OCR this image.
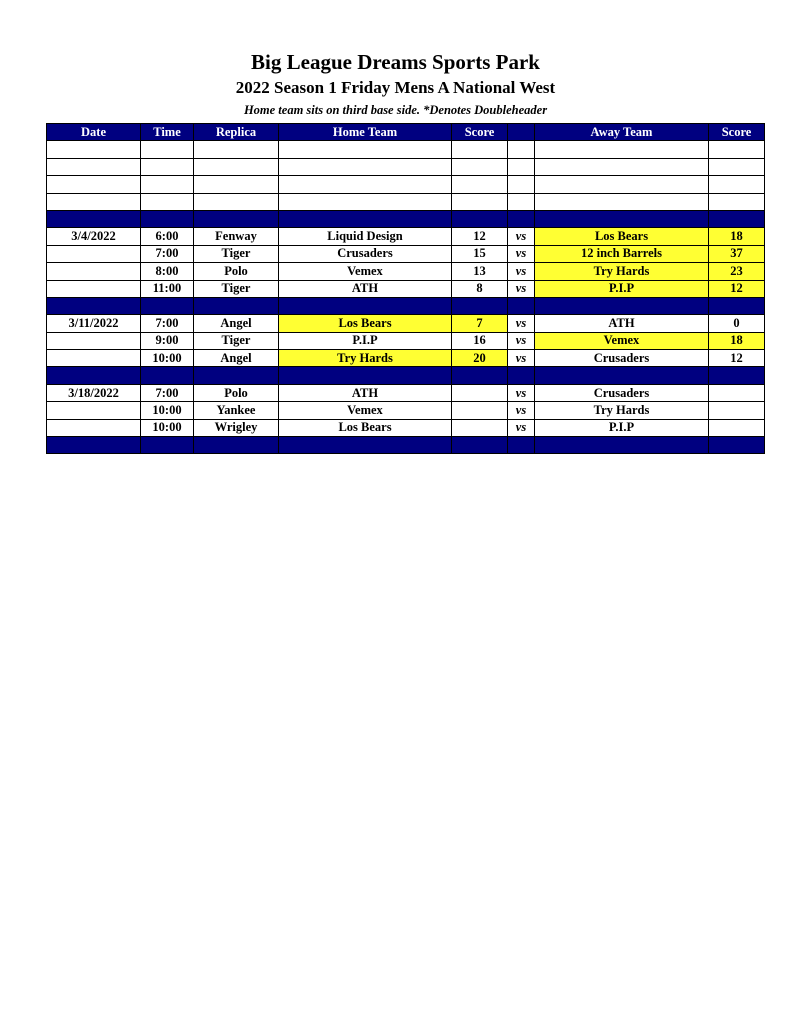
Big League Dreams Sports Park
2022 Season 1 Friday Mens A National West
Home team sits on third base side. *Denotes Doubleheader
Date	Time	Replica	Home Team	Score		Away Team	Score

3/4/2022	6:00	Fenway	Liquid Design	12	vs	Los Bears	18
	7:00	Tiger	Crusaders	15	vs	12 inch Barrels	37
	8:00	Polo	Vemex	13	vs	Try Hards	23
	11:00	Tiger	ATH	8	vs	P.I.P	12

3/11/2022	7:00	Angel	Los Bears	7	vs	ATH	0
	9:00	Tiger	P.I.P	16	vs	Vemex	18
	10:00	Angel	Try Hards	20	vs	Crusaders	12

3/18/2022	7:00	Polo	ATH		vs	Crusaders	
	10:00	Yankee	Vemex		vs	Try Hards	
	10:00	Wrigley	Los Bears		vs	P.I.P	
